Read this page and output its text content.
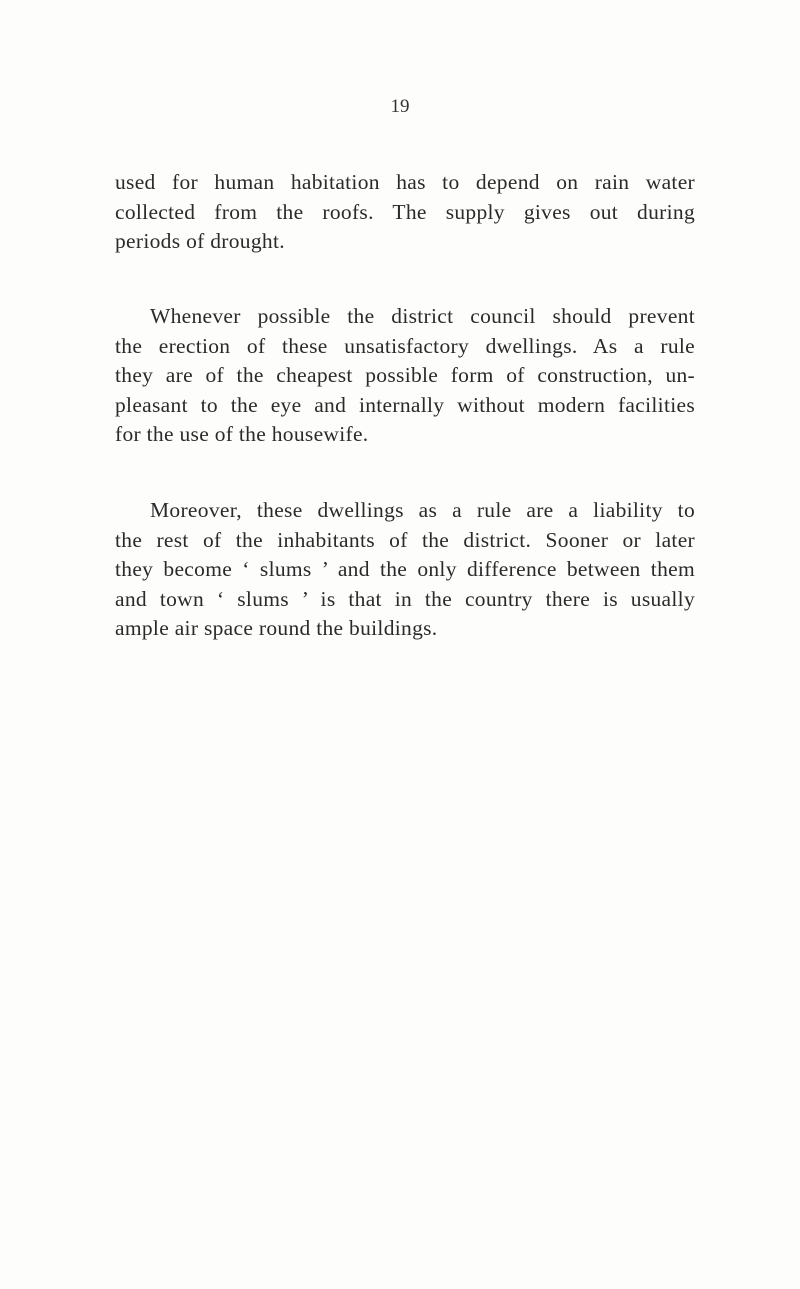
19
used for human habitation has to depend on rain water
collected from the roofs. The supply gives out during
periods of drought.
Whenever possible the district council should prevent
the erection of these unsatisfactory dwellings. As a rule
they are of the cheapest possible form of construction, un-
pleasant to the eye and internally without modern facilities
for the use of the housewife.
Moreover, these dwellings as a rule are a liability to
the rest of the inhabitants of the district. Sooner or later
they become ‘ slums ’ and the only difference between them
and town ‘ slums ’ is that in the country there is usually
ample air space round the buildings.
